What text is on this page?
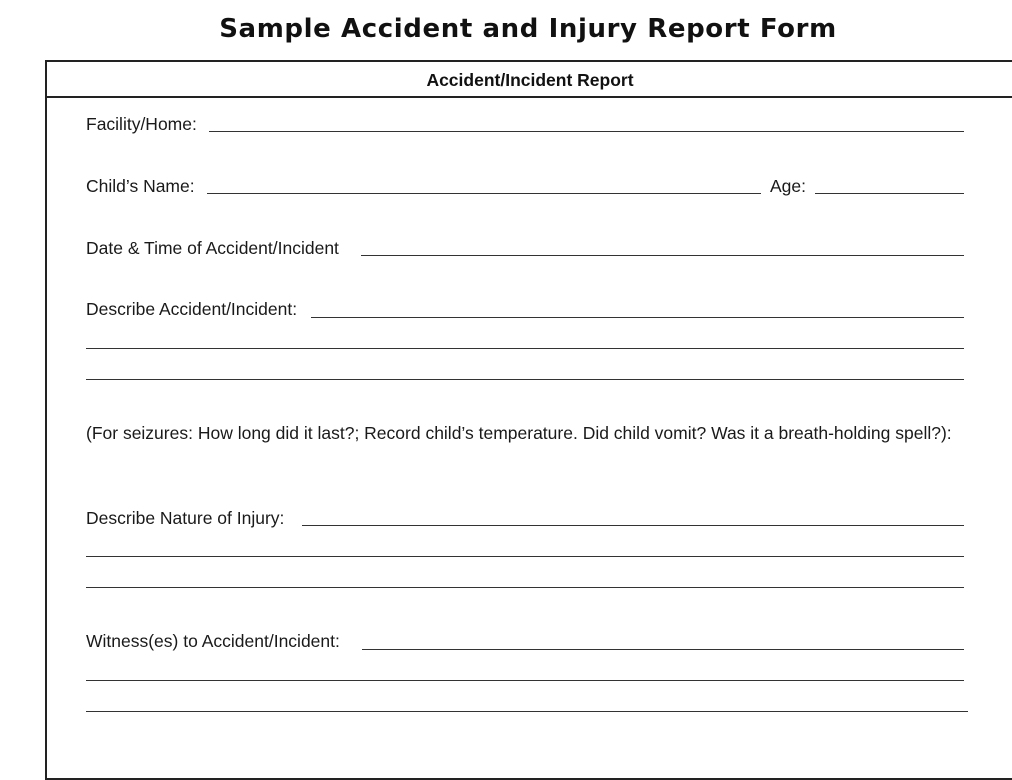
Sample Accident and Injury Report Form
Accident/Incident Report
Facility/Home:
Child’s Name:	Age:
Date & Time of Accident/Incident
Describe Accident/Incident:
(For seizures: How long did it last?; Record child’s temperature. Did child vomit? Was it a breath-holding spell?):
Describe Nature of Injury:
Witness(es) to Accident/Incident:
